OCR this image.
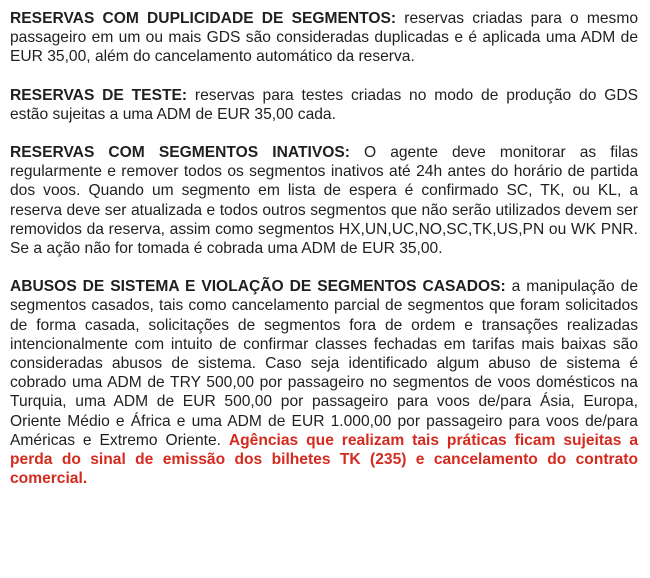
RESERVAS COM DUPLICIDADE DE SEGMENTOS: reservas criadas para o mesmo passageiro em um ou mais GDS são consideradas duplicadas e é aplicada uma ADM de EUR 35,00, além do cancelamento automático da reserva.

RESERVAS DE TESTE: reservas para testes criadas no modo de produção do GDS estão sujeitas a uma ADM de EUR 35,00 cada.

RESERVAS COM SEGMENTOS INATIVOS: O agente deve monitorar as filas regularmente e remover todos os segmentos inativos até 24h antes do horário de partida dos voos. Quando um segmento em lista de espera é confirmado SC, TK, ou KL, a reserva deve ser atualizada e todos outros segmentos que não serão utilizados devem ser removidos da reserva, assim como segmentos HX,UN,UC,NO,SC,TK,US,PN ou WK PNR. Se a ação não for tomada é cobrada uma ADM de EUR 35,00.

ABUSOS DE SISTEMA E VIOLAÇÃO DE SEGMENTOS CASADOS: a manipulação de segmentos casados, tais como cancelamento parcial de segmentos que foram solicitados de forma casada, solicitações de segmentos fora de ordem e transações realizadas intencionalmente com intuito de confirmar classes fechadas em tarifas mais baixas são consideradas abusos de sistema. Caso seja identificado algum abuso de sistema é cobrado uma ADM de TRY 500,00 por passageiro no segmentos de voos domésticos na Turquia, uma ADM de EUR 500,00 por passageiro para voos de/para Ásia, Europa, Oriente Médio e África e uma ADM de EUR 1.000,00 por passageiro para voos de/para Américas e Extremo Oriente. Agências que realizam tais práticas ficam sujeitas a perda do sinal de emissão dos bilhetes TK (235) e cancelamento do contrato comercial.
